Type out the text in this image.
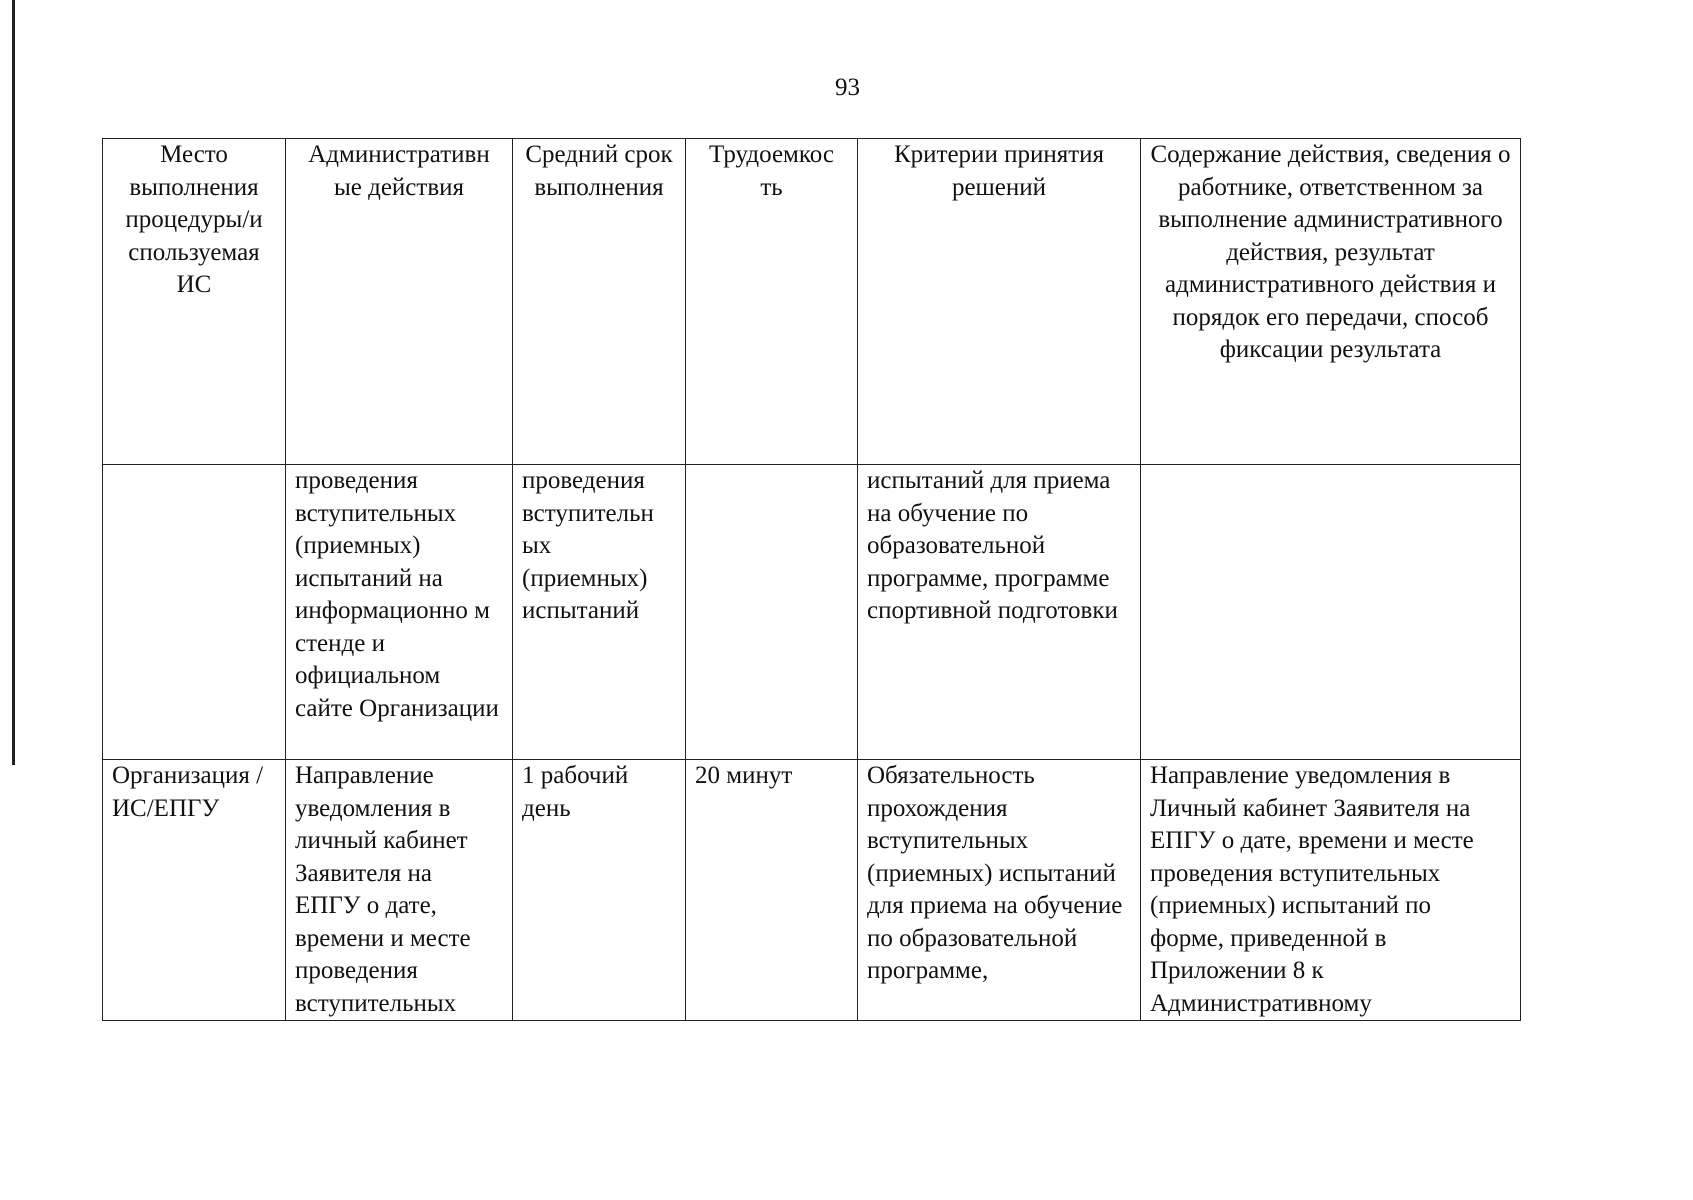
93
Место выполнения процедуры/и спользуемая ИС	Административн ые действия	Средний срок выполнения	Трудоемкос ть	Критерии принятия решений	Содержание действия, сведения о работнике, ответственном за выполнение административного действия, результат административного действия и порядок его передачи, способ фиксации результата
	проведения вступительных (приемных) испытаний на информационно м стенде и официальном сайте Организации	проведения вступительн ых (приемных) испытаний		испытаний для приема на обучение по образовательной программе, программе спортивной подготовки	
Организация /ИС/ЕПГУ	Направление уведомления в личный кабинет Заявителя на ЕПГУ о дате, времени и месте проведения вступительных	1 рабочий день	20 минут	Обязательность прохождения вступительных (приемных) испытаний для приема на обучение по образовательной программе,	Направление уведомления в Личный кабинет Заявителя на ЕПГУ о дате, времени и месте проведения вступительных (приемных) испытаний по форме, приведенной в Приложении 8 к Административному
